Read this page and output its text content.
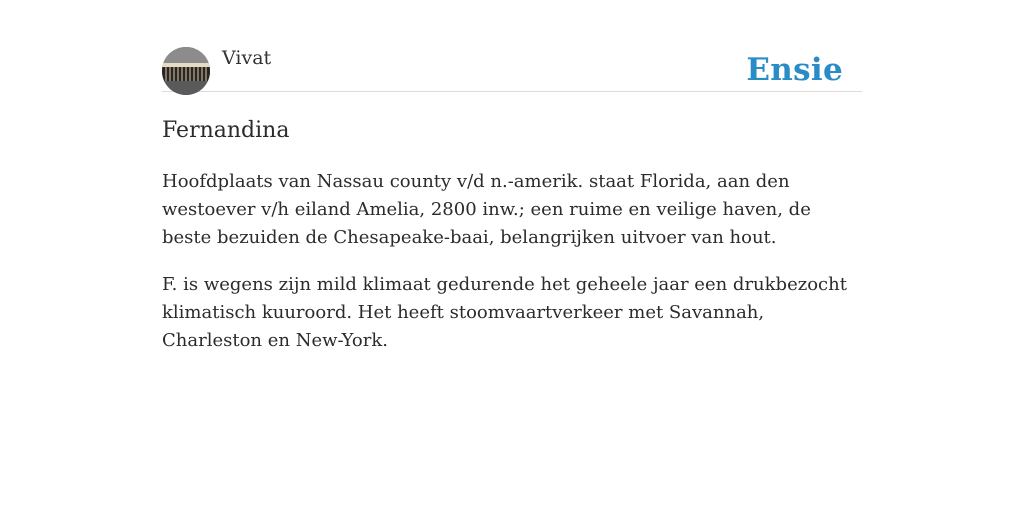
Vivat	Ensie
Fernandina

Hoofdplaats van Nassau county v/d n.-amerik. staat Florida, aan den westoever v/h eiland Amelia, 2800 inw.; een ruime en veilige haven, de beste bezuiden de Chesapeake-baai, belangrijken uitvoer van hout.

F. is wegens zijn mild klimaat gedurende het geheele jaar een drukbezocht klimatisch kuuroord. Het heeft stoomvaartverkeer met Savannah, Charleston en New-York.
